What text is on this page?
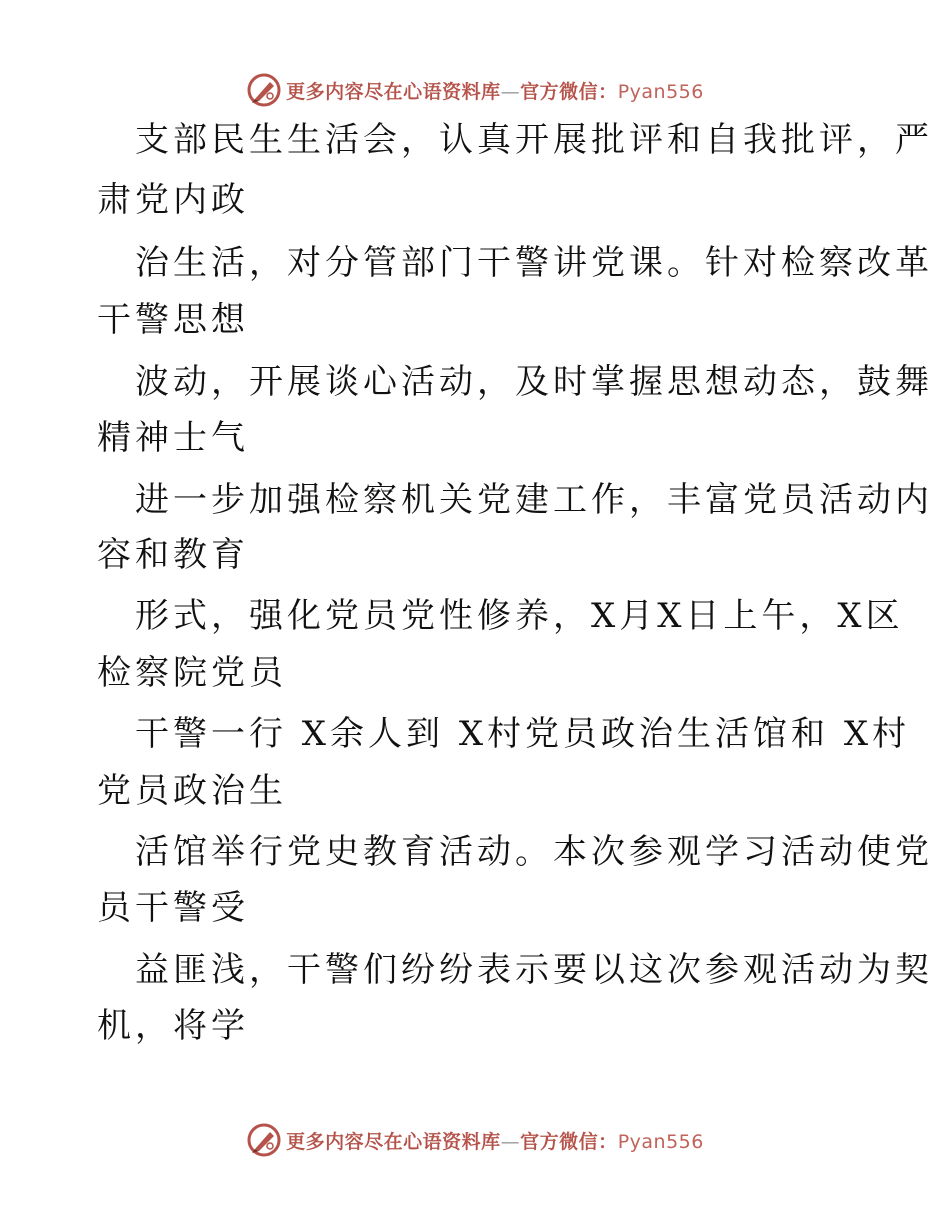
更多内容尽在心语资料库—官方微信：Pyan556
支部民生生活会，认真开展批评和自我批评，严
肃党内政
治生活，对分管部门干警讲党课。针对检察改革
干警思想
波动，开展谈心活动，及时掌握思想动态，鼓舞
精神士气
进一步加强检察机关党建工作，丰富党员活动内
容和教育
形式，强化党员党性修养，X月X日上午，X区
检察院党员
干警一行 X余人到 X村党员政治生活馆和 X村
党员政治生
活馆举行党史教育活动。本次参观学习活动使党
员干警受
益匪浅，干警们纷纷表示要以这次参观活动为契
机，将学
更多内容尽在心语资料库—官方微信：Pyan556
